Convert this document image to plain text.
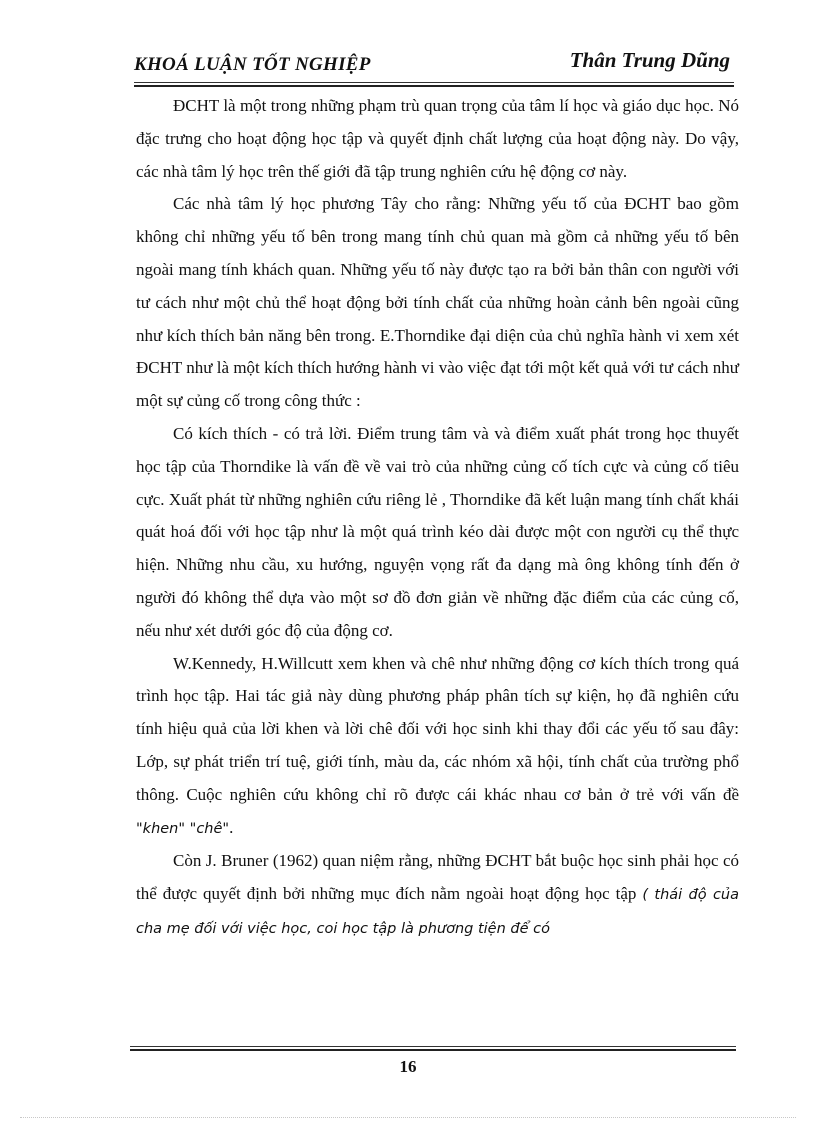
KHOÁ LUẬN TỐT NGHIỆP	Thân Trung Dũng

ĐCHT là một trong những phạm trù quan trọng của tâm lí học và giáo dục học. Nó đặc trưng cho hoạt động học tập và quyết định chất lượng của hoạt động này. Do vậy, các nhà tâm lý học trên thế giới đã tập trung nghiên cứu hệ động cơ này.

Các nhà tâm lý học phương Tây cho rằng: Những yếu tố của ĐCHT bao gồm không chỉ những yếu tố bên trong mang tính chủ quan mà gồm cả những yếu tố bên ngoài mang tính khách quan. Những yếu tố này được tạo ra bởi bản thân con người với tư cách như một chủ thể hoạt động bởi tính chất của những hoàn cảnh bên ngoài cũng như kích thích bản năng bên trong. E.Thorndike đại diện của chủ nghĩa hành vi xem xét ĐCHT như là một kích thích hướng hành vi vào việc đạt tới một kết quả với tư cách như một sự củng cố trong công thức :

Có kích thích - có trả lời. Điểm trung tâm và và điểm xuất phát trong học thuyết học tập của Thorndike là vấn đề về vai trò của những củng cố tích cực và củng cố tiêu cực. Xuất phát từ những nghiên cứu riêng lẻ , Thorndike đã kết luận mang tính chất khái quát hoá đối với học tập như là một quá trình kéo dài được một con người cụ thể thực hiện. Những nhu cầu, xu hướng, nguyện vọng rất đa dạng mà ông không tính đến ở người đó không thể dựa vào một sơ đồ đơn giản về những đặc điểm của các củng cố, nếu như xét dưới góc độ của động cơ.

W.Kennedy, H.Willcutt xem khen và chê như những động cơ kích thích trong quá trình học tập. Hai tác giả này dùng phương pháp phân tích sự kiện, họ đã nghiên cứu tính hiệu quả của lời khen và lời chê đối với học sinh khi thay đổi các yếu tố sau đây: Lớp, sự phát triển trí tuệ, giới tính, màu da, các nhóm xã hội, tính chất của trường phổ thông. Cuộc nghiên cứu không chỉ rõ được cái khác nhau cơ bản ở trẻ với vấn đề "khen" "chê".

Còn J. Bruner (1962) quan niệm rằng, những ĐCHT bắt buộc học sinh phải học có thể được quyết định bởi những mục đích nằm ngoài hoạt động học tập ( thái độ của cha mẹ đối với việc học, coi học tập là phương tiện để có

16
